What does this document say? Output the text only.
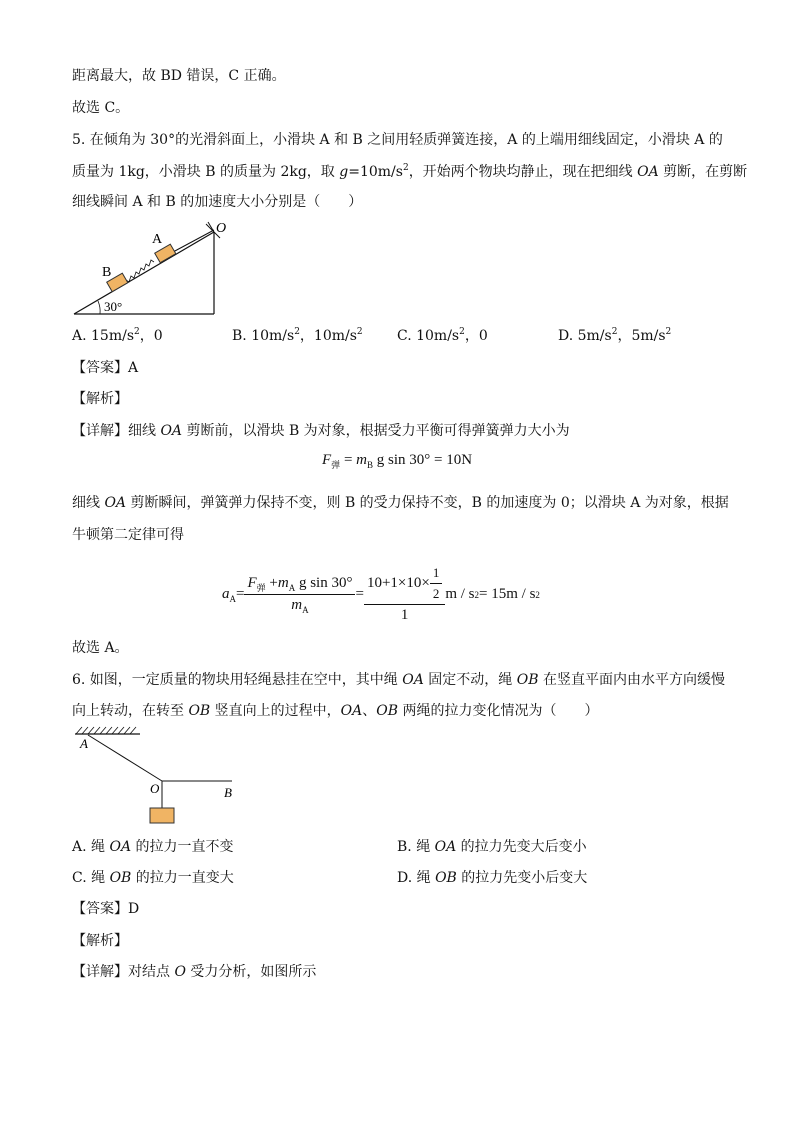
距离最大，故 BD 错误，C 正确。
故选 C。
5. 在倾角为 30°的光滑斜面上，小滑块 A 和 B 之间用轻质弹簧连接，A 的上端用细线固定，小滑块 A 的
质量为 1kg，小滑块 B 的质量为 2kg，取 $g=10m/s^2$，开始两个物块均静止，现在把细线 OA 剪断，在剪断
细线瞬间 A 和 B 的加速度大小分别是（　　）
A
B
O
30°
A. $15m/s^2$，0	B. $10m/s^2$，$10m/s^2$ C. $10m/s^2$，0	D. $5m/s^2$，$5m/s^2$
【答案】A
【解析】
【详解】细线 OA 剪断前，以滑块 B 为对象，根据受力平衡可得弹簧弹力大小为
$F_弹 = m_B$ g sin 30° = 10N
细线 OA 剪断瞬间，弹簧弹力保持不变，则 B 的受力保持不变，B 的加速度为 0；以滑块 A 为对象，根据
牛顿第二定律可得
a $A = \frac{F_弹 +m_A g \sin 30^\circ}{m_A} = \frac{10+1\times 10\times \frac{1}{2}}{1}$ m / s 2 = 15m / s 2
故选 A。
6. 如图，一定质量的物块用轻绳悬挂在空中，其中绳 OA 固定不动，绳 OB 在竖直平面内由水平方向缓慢
向上转动，在转至 OB 竖直向上的过程中，OA、OB 两绳的拉力变化情况为（　　）
A
O	B
A. 绳 OA 的拉力一直不变	B. 绳 OA 的拉力先变大后变小
C. 绳 OB 的拉力一直变大	D. 绳 OB 的拉力先变小后变大
【答案】D
【解析】
【详解】对结点 O 受力分析，如图所示
